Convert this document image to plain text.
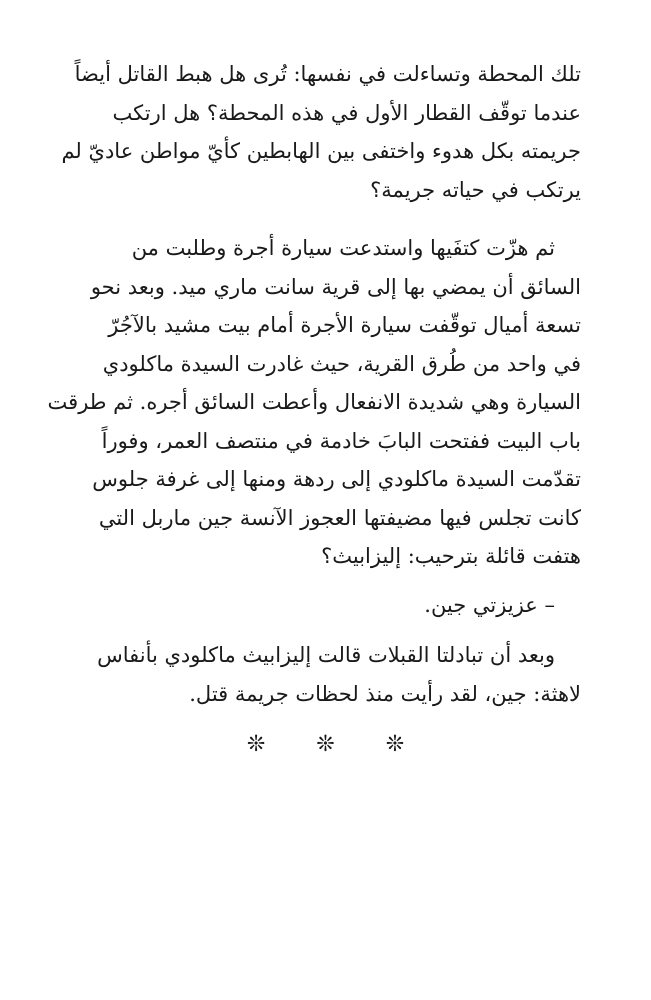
تلك المحطة وتساءلت في نفسها: تُرى هل هبط القاتل أيضاً
عندما توقّف القطار الأول في هذه المحطة؟ هل ارتكب
جريمته بكل هدوء واختفى بين الهابطين كأيّ مواطن عاديّ لم
يرتكب في حياته جريمة؟
ثم هزّت كتفَيها واستدعت سيارة أجرة وطلبت من
السائق أن يمضي بها إلى قرية سانت ماري ميد. وبعد نحو
تسعة أميال توقّفت سيارة الأجرة أمام بيت مشيد بالآجُرّ
في واحد من طُرق القرية، حيث غادرت السيدة ماكلودي
السيارة وهي شديدة الانفعال وأعطت السائق أجره. ثم طرقت
باب البيت ففتحت البابَ خادمة في منتصف العمر، وفوراً
تقدّمت السيدة ماكلودي إلى ردهة ومنها إلى غرفة جلوس
كانت تجلس فيها مضيفتها العجوز الآنسة جين ماربل التي
هتفت قائلة بترحيب: إليزابيث؟
– عزيزتي جين.
وبعد أن تبادلتا القبلات قالت إليزابيث ماكلودي بأنفاس
لاهثة: جين، لقد رأيت منذ لحظات جريمة قتل.
❊ ❊ ❊
